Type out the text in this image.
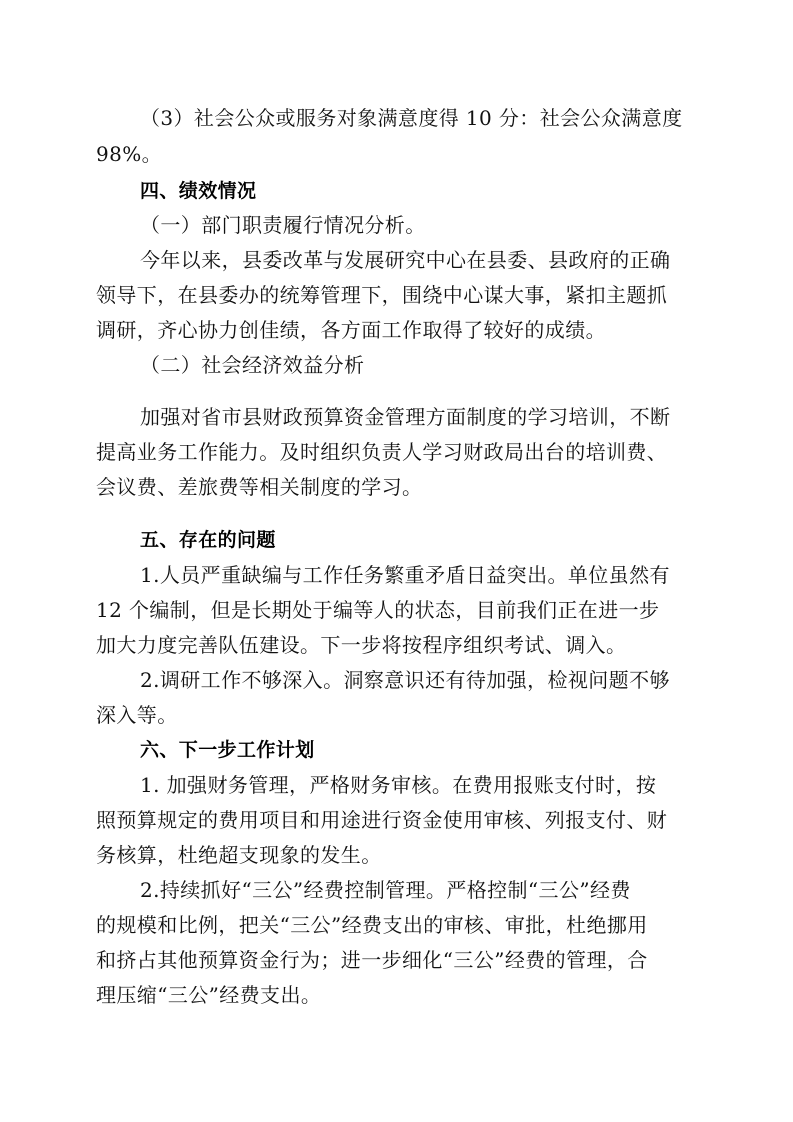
（3）社会公众或服务对象满意度得 10 分：社会公众满意度
98%。
四、绩效情况
（一）部门职责履行情况分析。
今年以来，县委改革与发展研究中心在县委、县政府的正确
领导下，在县委办的统筹管理下，围绕中心谋大事，紧扣主题抓
调研，齐心协力创佳绩，各方面工作取得了较好的成绩。
（二）社会经济效益分析
加强对省市县财政预算资金管理方面制度的学习培训，不断
提高业务工作能力。及时组织负责人学习财政局出台的培训费、
会议费、差旅费等相关制度的学习。
五、存在的问题
1.人员严重缺编与工作任务繁重矛盾日益突出。单位虽然有
12 个编制，但是长期处于编等人的状态，目前我们正在进一步
加大力度完善队伍建设。下一步将按程序组织考试、调入。
2.调研工作不够深入。洞察意识还有待加强，检视问题不够
深入等。
六、下一步工作计划
1. 加强财务管理，严格财务审核。在费用报账支付时，按
照预算规定的费用项目和用途进行资金使用审核、列报支付、财
务核算，杜绝超支现象的发生。
2.持续抓好“三公”经费控制管理。严格控制“三公”经费
的规模和比例，把关“三公”经费支出的审核、审批，杜绝挪用
和挤占其他预算资金行为；进一步细化“三公”经费的管理，合
理压缩“三公”经费支出。
